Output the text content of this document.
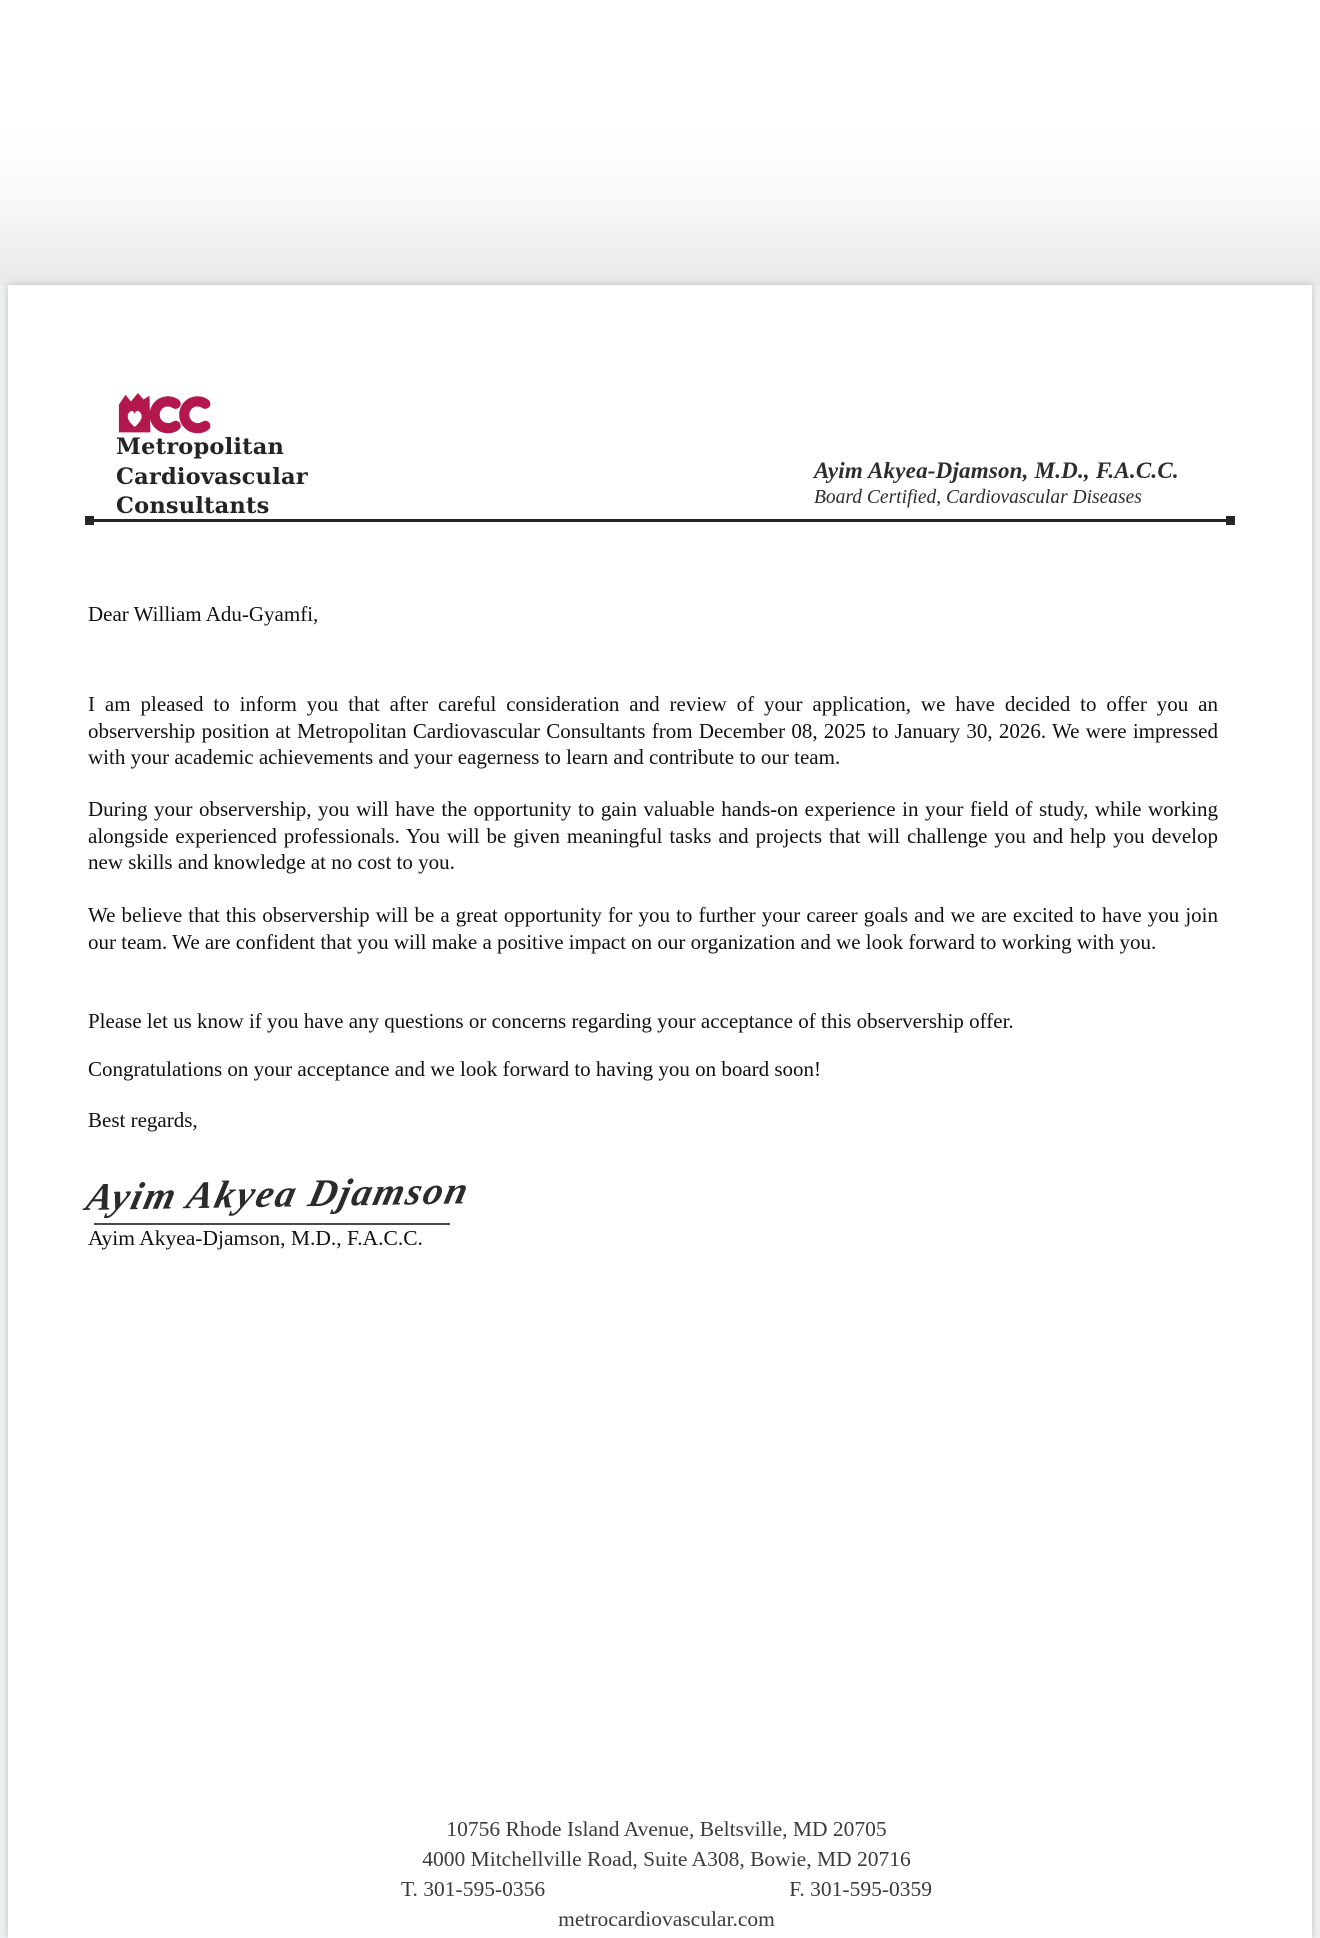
Metropolitan
Cardiovascular
Consultants
Ayim Akyea-Djamson, M.D., F.A.C.C.
Board Certified, Cardiovascular Diseases
Dear William Adu-Gyamfi,
I am pleased to inform you that after careful consideration and review of your application, we have decided to offer you an observership position at Metropolitan Cardiovascular Consultants from December 08, 2025 to January 30, 2026. We were impressed with your academic achievements and your eagerness to learn and contribute to our team.
During your observership, you will have the opportunity to gain valuable hands-on experience in your field of study, while working alongside experienced professionals. You will be given meaningful tasks and projects that will challenge you and help you develop new skills and knowledge at no cost to you.
We believe that this observership will be a great opportunity for you to further your career goals and we are excited to have you join our team. We are confident that you will make a positive impact on our organization and we look forward to working with you.
Please let us know if you have any questions or concerns regarding your acceptance of this observership offer.
Congratulations on your acceptance and we look forward to having you on board soon!
Best regards,
Ayim Akyea Djamson
Ayim Akyea-Djamson, M.D., F.A.C.C.
10756 Rhode Island Avenue, Beltsville, MD 20705
4000 Mitchellville Road, Suite A308, Bowie, MD 20716
T. 301-595-0356	F. 301-595-0359
metrocardiovascular.com
